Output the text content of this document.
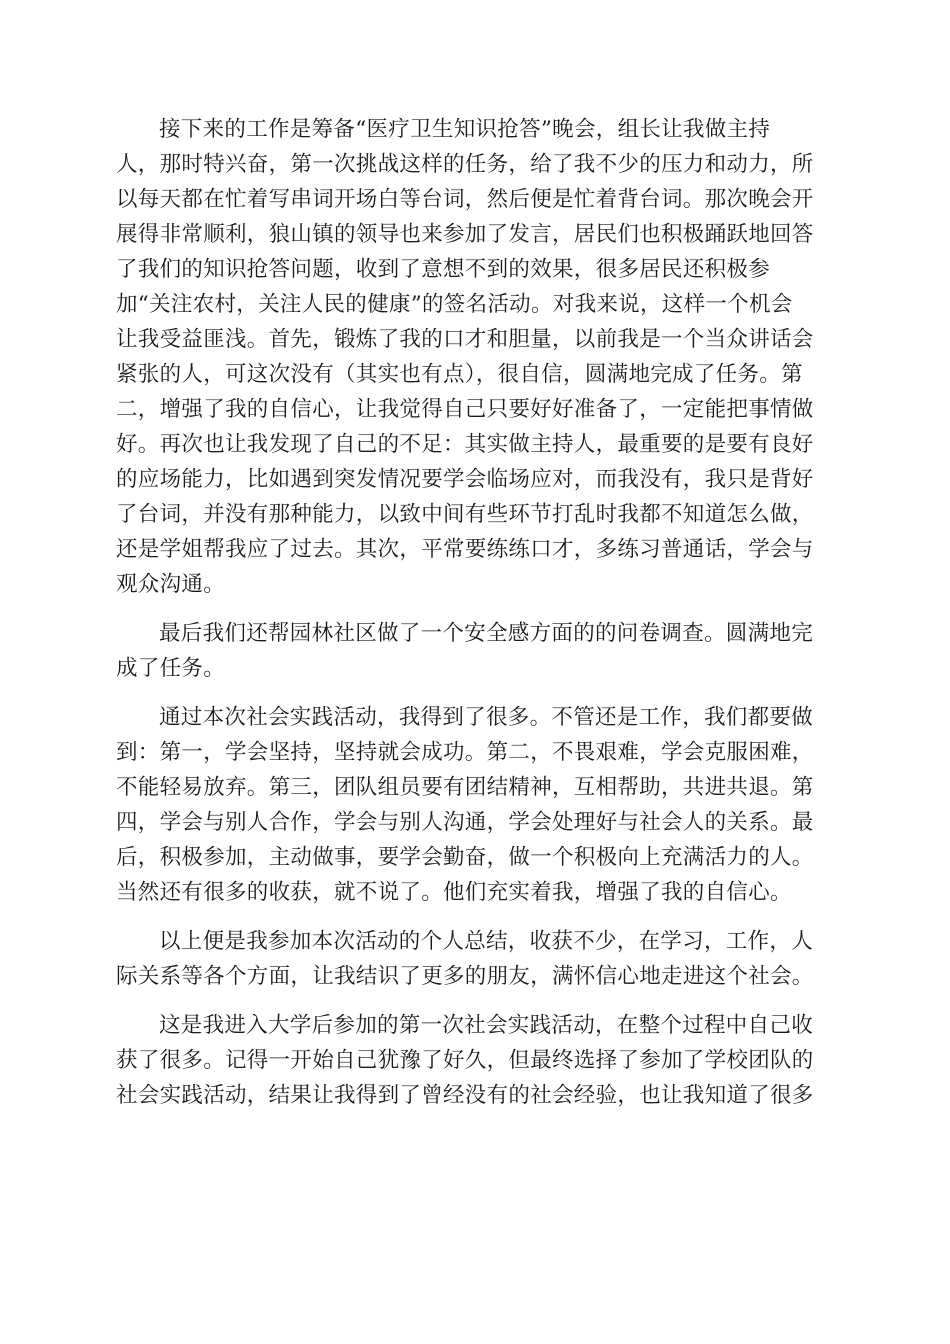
接下来的工作是筹备“医疗卫生知识抢答”晚会，组长让我做主持
人，那时特兴奋，第一次挑战这样的任务，给了我不少的压力和动力，所
以每天都在忙着写串词开场白等台词，然后便是忙着背台词。那次晚会开
展得非常顺利，狼山镇的领导也来参加了发言，居民们也积极踊跃地回答
了我们的知识抢答问题，收到了意想不到的效果，很多居民还积极参
加“关注农村，关注人民的健康”的签名活动。对我来说，这样一个机会
让我受益匪浅。首先，锻炼了我的口才和胆量，以前我是一个当众讲话会
紧张的人，可这次没有（其实也有点），很自信，圆满地完成了任务。第
二，增强了我的自信心，让我觉得自己只要好好准备了，一定能把事情做
好。再次也让我发现了自己的不足：其实做主持人，最重要的是要有良好
的应场能力，比如遇到突发情况要学会临场应对，而我没有，我只是背好
了台词，并没有那种能力，以致中间有些环节打乱时我都不知道怎么做，
还是学姐帮我应了过去。其次，平常要练练口才，多练习普通话，学会与
观众沟通。
最后我们还帮园林社区做了一个安全感方面的的问卷调查。圆满地完
成了任务。
通过本次社会实践活动，我得到了很多。不管还是工作，我们都要做
到：第一，学会坚持，坚持就会成功。第二，不畏艰难，学会克服困难，
不能轻易放弃。第三，团队组员要有团结精神，互相帮助，共进共退。第
四，学会与别人合作，学会与别人沟通，学会处理好与社会人的关系。最
后，积极参加，主动做事，要学会勤奋，做一个积极向上充满活力的人。
当然还有很多的收获，就不说了。他们充实着我，增强了我的自信心。
以上便是我参加本次活动的个人总结，收获不少，在学习，工作，人
际关系等各个方面，让我结识了更多的朋友，满怀信心地走进这个社会。
这是我进入大学后参加的第一次社会实践活动，在整个过程中自己收
获了很多。记得一开始自己犹豫了好久，但最终选择了参加了学校团队的
社会实践活动，结果让我得到了曾经没有的社会经验，也让我知道了很多
